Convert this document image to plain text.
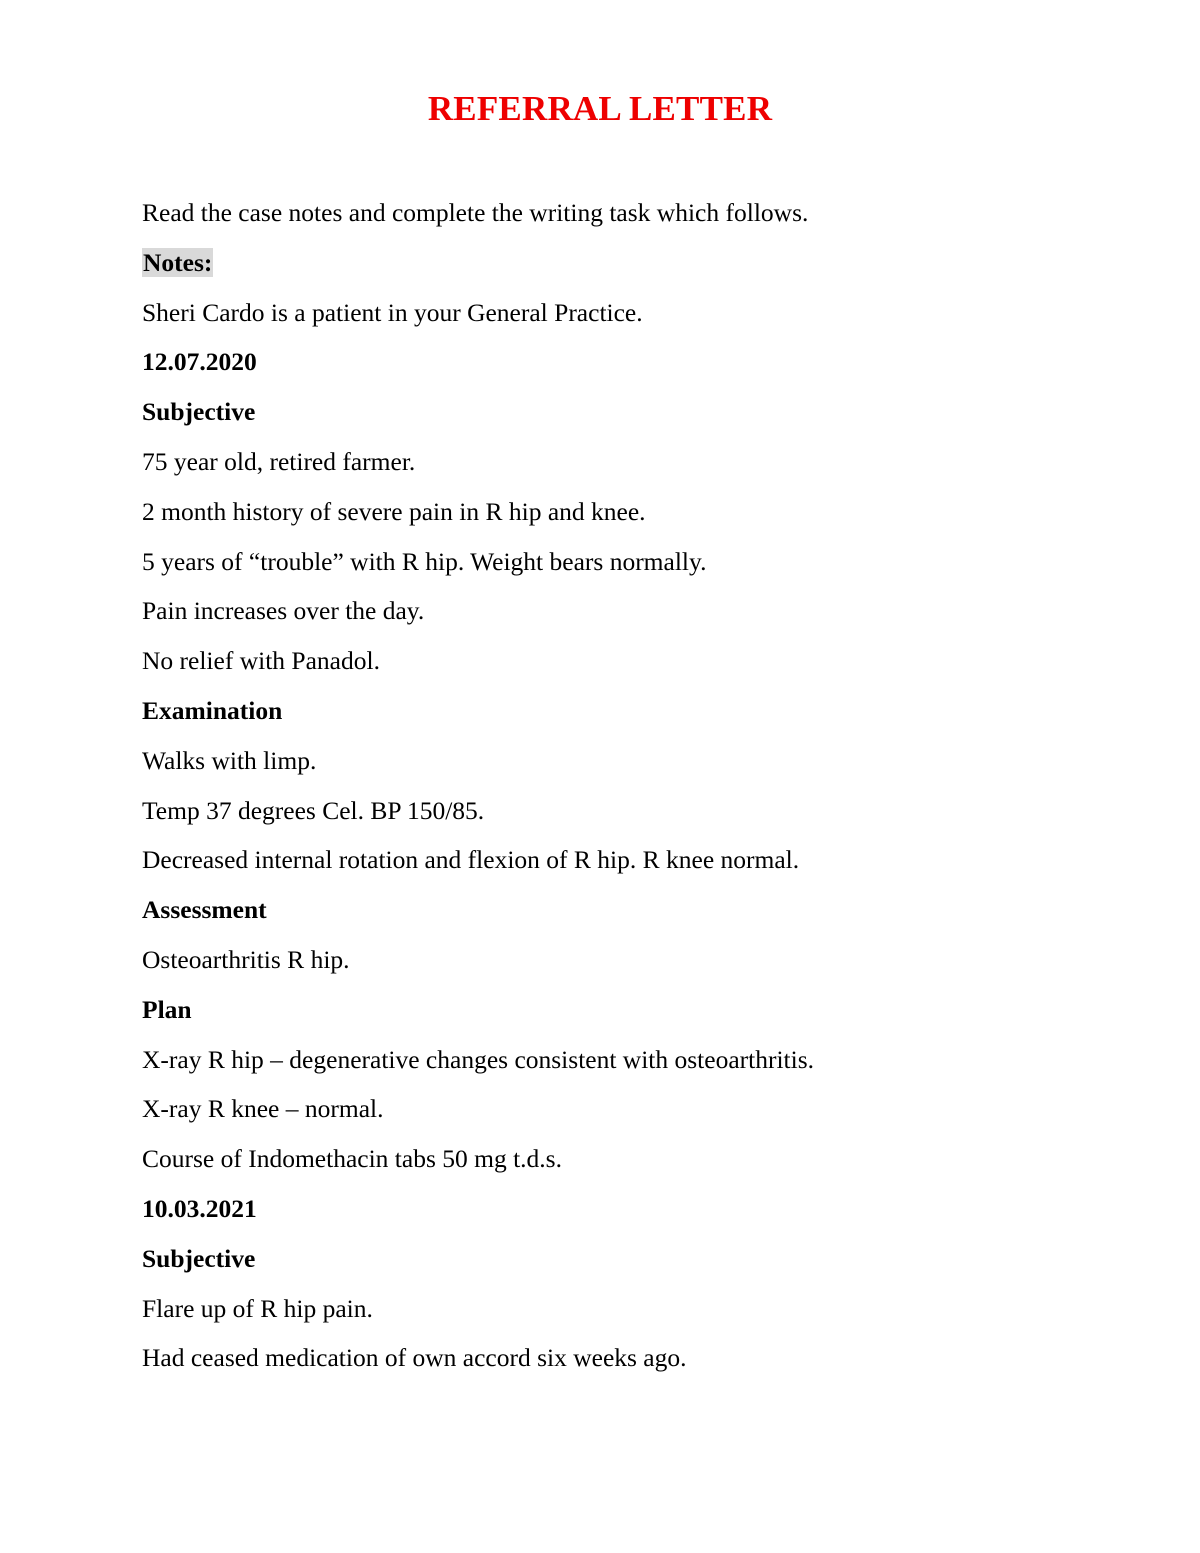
REFERRAL LETTER
Read the case notes and complete the writing task which follows.
Notes:
Sheri Cardo is a patient in your General Practice.
12.07.2020
Subjective
75 year old, retired farmer.
2 month history of severe pain in R hip and knee.
5 years of “trouble” with R hip. Weight bears normally.
Pain increases over the day.
No relief with Panadol.
Examination
Walks with limp.
Temp 37 degrees Cel. BP 150/85.
Decreased internal rotation and flexion of R hip. R knee normal.
Assessment
Osteoarthritis R hip.
Plan
X-ray R hip – degenerative changes consistent with osteoarthritis.
X-ray R knee – normal.
Course of Indomethacin tabs 50 mg t.d.s.
10.03.2021
Subjective
Flare up of R hip pain.
Had ceased medication of own accord six weeks ago.
